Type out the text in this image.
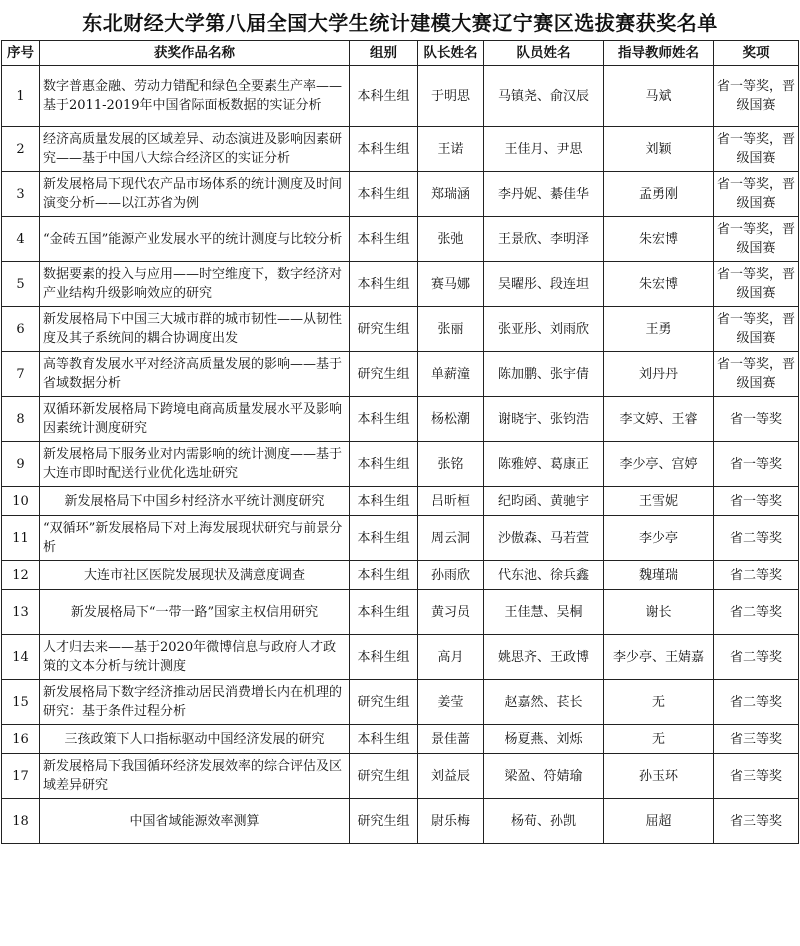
东北财经大学第八届全国大学生统计建模大赛辽宁赛区选拔赛获奖名单
序号	获奖作品名称	组别	队长姓名	队员姓名	指导教师姓名	奖项
1	数字普惠金融、劳动力错配和绿色全要素生产率——基于2011-2019年中国省际面板数据的实证分析	本科生组	于明思	马镇尧、俞汉辰	马斌	省一等奖，晋级国赛
2	经济高质量发展的区域差异、动态演进及影响因素研究——基于中国八大综合经济区的实证分析	本科生组	王诺	王佳月、尹思	刘颖	省一等奖，晋级国赛
3	新发展格局下现代农产品市场体系的统计测度及时间演变分析——以江苏省为例	本科生组	郑瑞涵	李丹妮、綦佳华	孟勇刚	省一等奖，晋级国赛
4	“金砖五国”能源产业发展水平的统计测度与比较分析	本科生组	张弛	王景欣、李明泽	朱宏博	省一等奖，晋级国赛
5	数据要素的投入与应用——时空维度下，数字经济对产业结构升级影响效应的研究	本科生组	赛马娜	吴曜彤、段连坦	朱宏博	省一等奖，晋级国赛
6	新发展格局下中国三大城市群的城市韧性——从韧性度及其子系统间的耦合协调度出发	研究生组	张丽	张亚彤、刘雨欣	王勇	省一等奖，晋级国赛
7	高等教育发展水平对经济高质量发展的影响——基于省域数据分析	研究生组	单薪潼	陈加鹏、张宇倩	刘丹丹	省一等奖，晋级国赛
8	双循环新发展格局下跨境电商高质量发展水平及影响因素统计测度研究	本科生组	杨松潮	谢晓宇、张钧浩	李文婷、王睿	省一等奖
9	新发展格局下服务业对内需影响的统计测度——基于大连市即时配送行业优化选址研究	本科生组	张铭	陈雅婷、葛康正	李少亭、宫婷	省一等奖
10	新发展格局下中国乡村经济水平统计测度研究	本科生组	吕昕桓	纪昀函、黄驰宇	王雪妮	省一等奖
11	“双循环”新发展格局下对上海发展现状研究与前景分析	本科生组	周云洞	沙傲森、马若萱	李少亭	省二等奖
12	大连市社区医院发展现状及满意度调查	本科生组	孙雨欣	代东池、徐兵鑫	魏瑾瑞	省二等奖
13	新发展格局下“一带一路”国家主权信用研究	本科生组	黄习员	王佳慧、吴桐	谢长	省二等奖
14	人才归去来——基于2020年微博信息与政府人才政策的文本分析与统计测度	本科生组	高月	姚思齐、王政博	李少亭、王婧嘉	省二等奖
15	新发展格局下数字经济推动居民消费增长内在机理的研究：基于条件过程分析	研究生组	姜莹	赵嘉然、苌长	无	省二等奖
16	三孩政策下人口指标驱动中国经济发展的研究	本科生组	景佳蔷	杨夏燕、刘烁	无	省三等奖
17	新发展格局下我国循环经济发展效率的综合评估及区域差异研究	研究生组	刘益辰	梁盈、符婧瑜	孙玉环	省三等奖
18	中国省域能源效率测算	研究生组	尉乐梅	杨荀、孙凯	屈超	省三等奖
